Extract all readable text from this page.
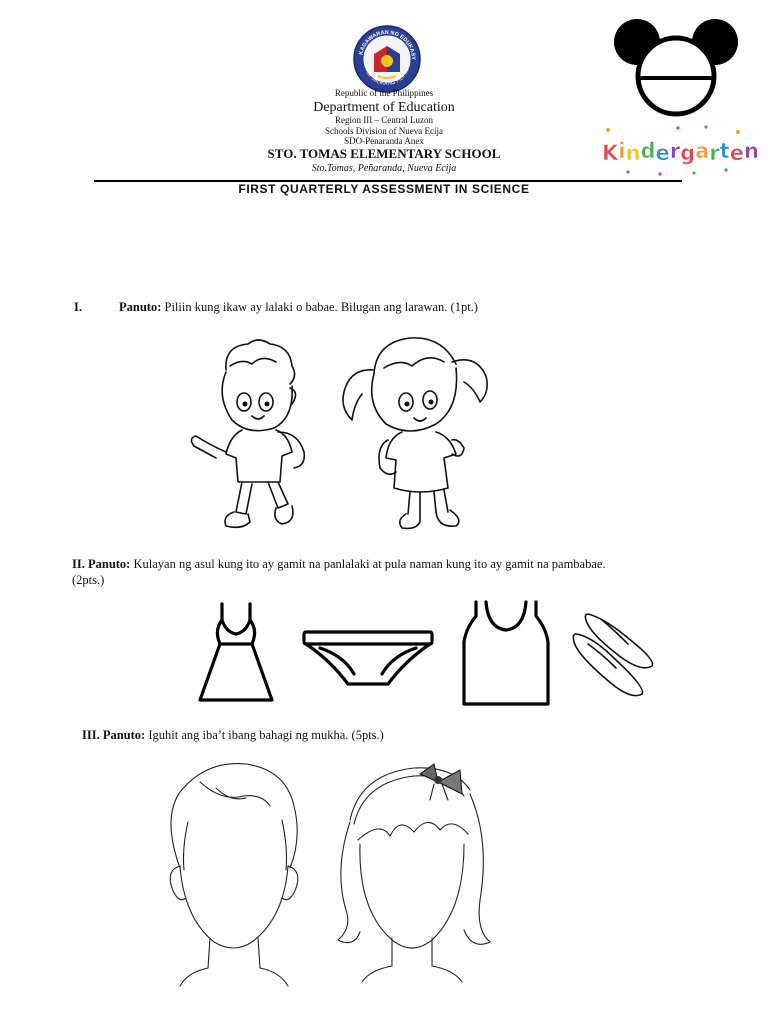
KAGAWARAN NG EDUKASYON
REPUBLIKA NG PILIPINAS
Kindergarten
Republic of the Philippines
Department of Education
Region III – Central Luzon
Schools Division of Nueva Ecija
SDO-Penaranda Anex
STO. TOMAS ELEMENTARY SCHOOL
Sto.Tomas, Peñaranda, Nueva Ecija
FIRST QUARTERLY ASSESSMENT IN SCIENCE
I.	Panuto: Piliin kung ikaw ay lalaki o babae. Bilugan ang larawan. (1pt.)
II. Panuto: Kulayan ng asul kung ito ay gamit na panlalaki at pula naman kung ito ay gamit na pambabae.
(2pts.)
III. Panuto: Iguhit ang iba’t ibang bahagi ng mukha. (5pts.)
